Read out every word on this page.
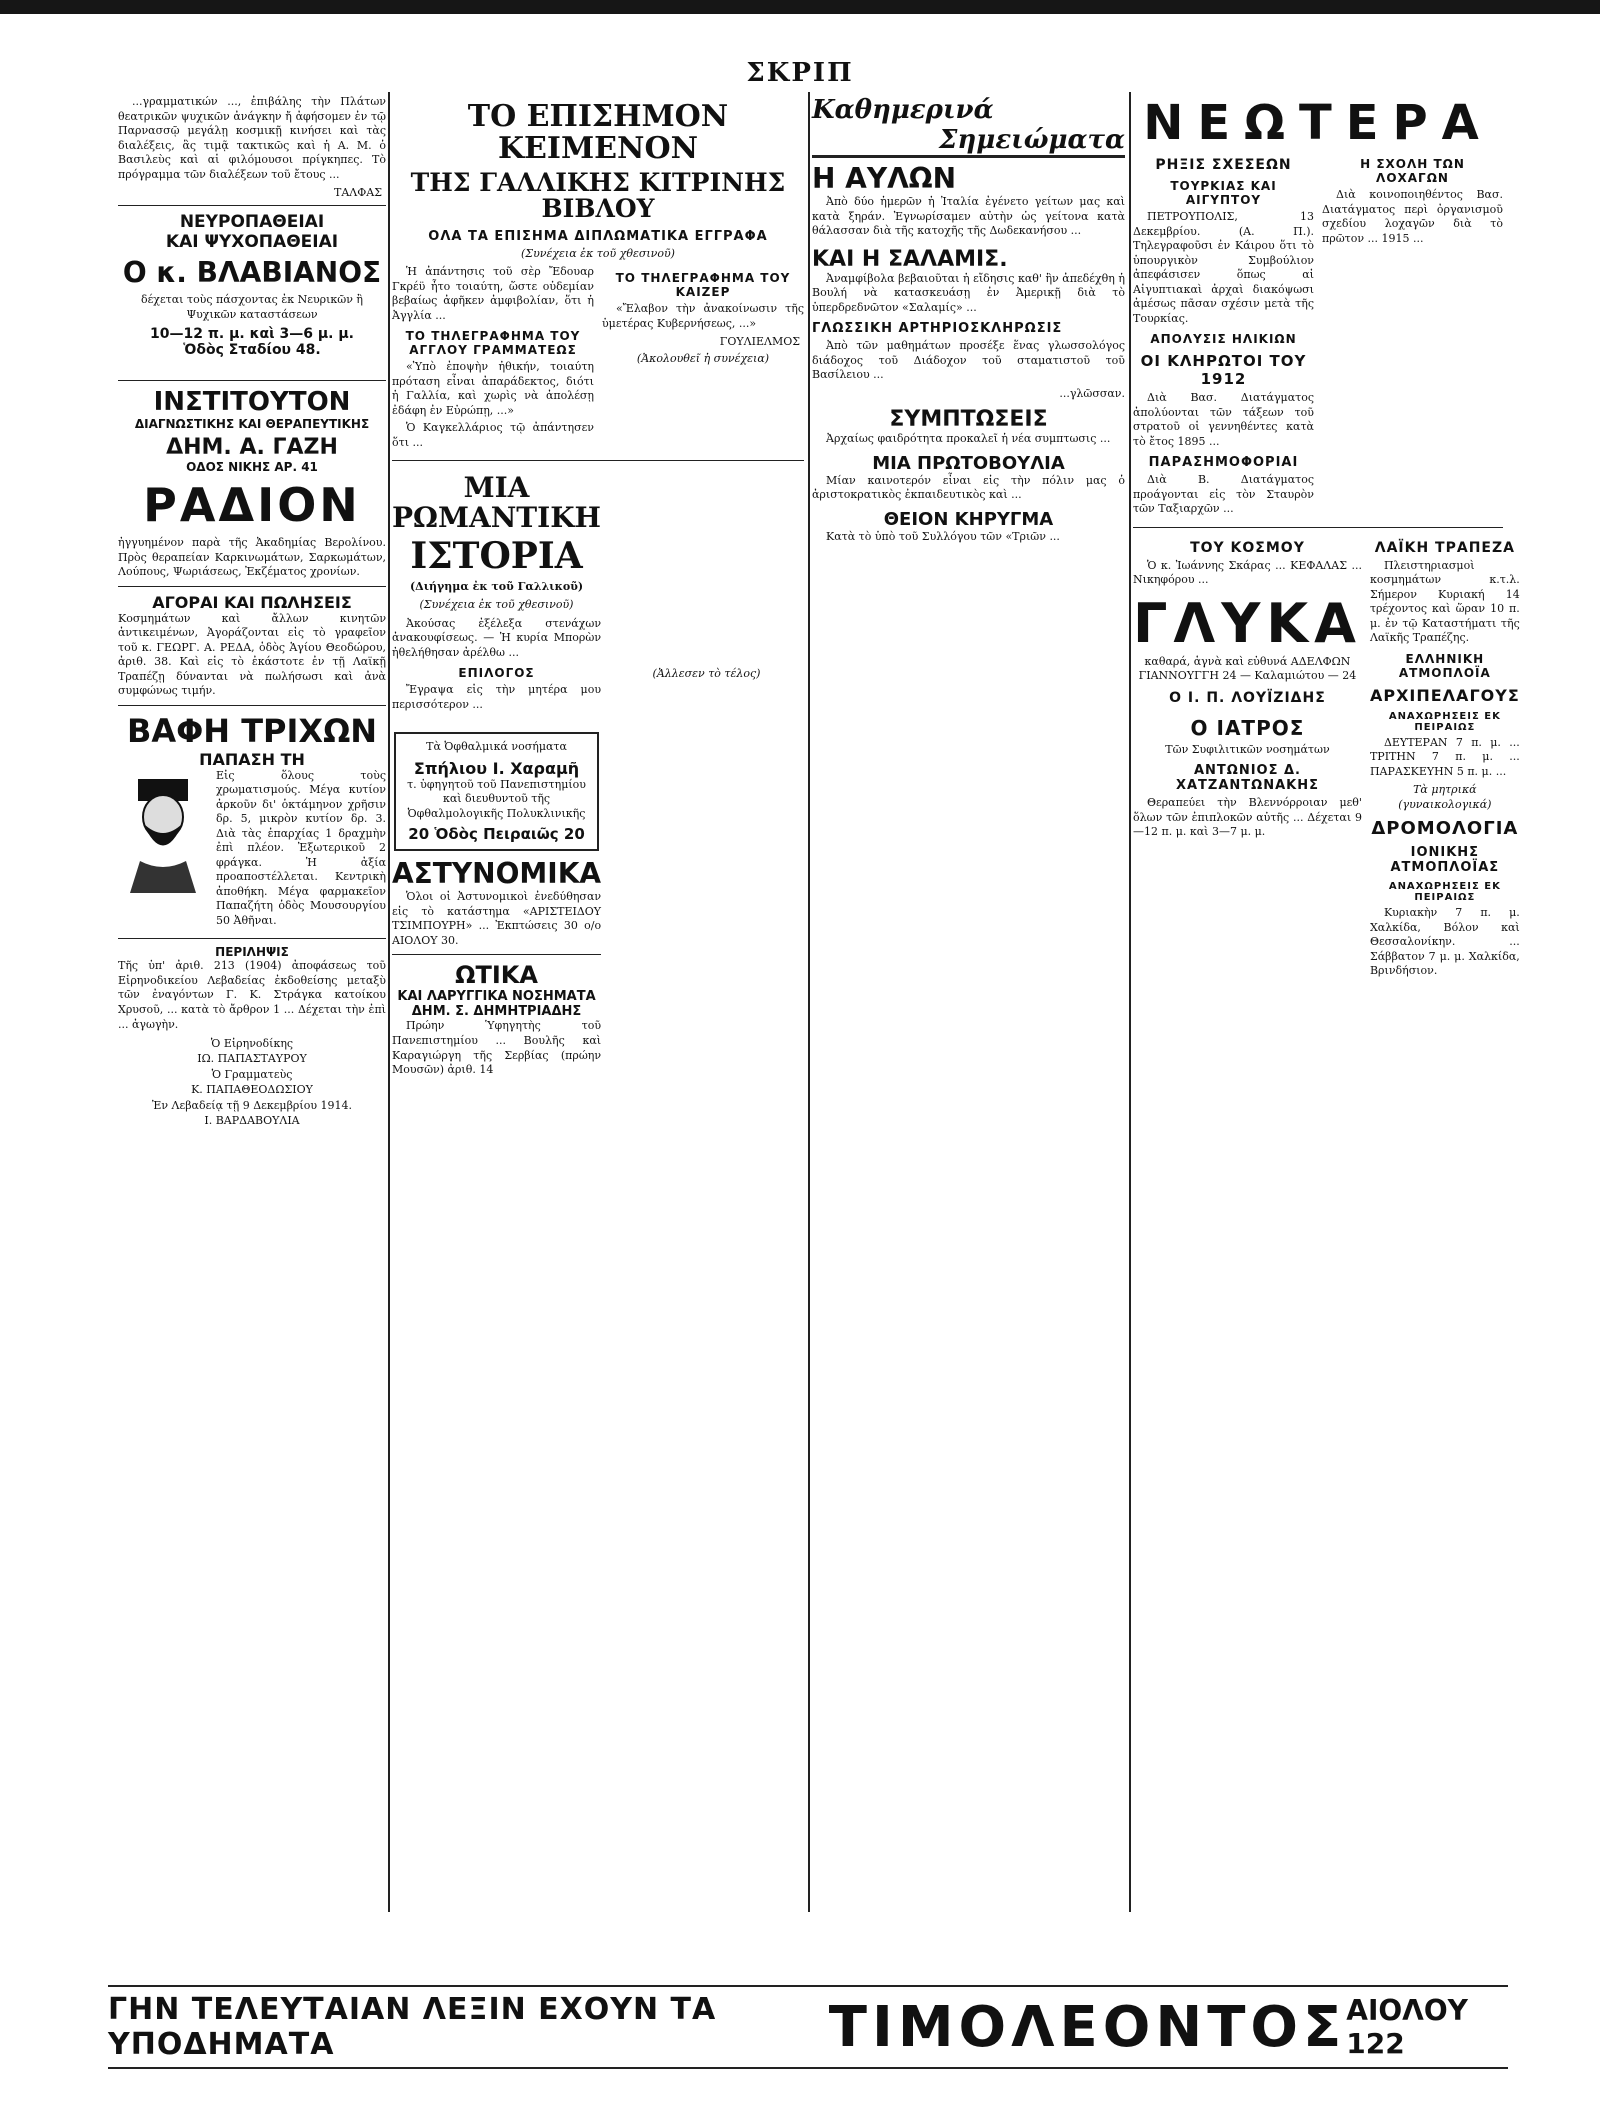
ΣΚΡΙΠ

...γραμματικών ..., ἐπιβάλης τὴν Πλάτων θεατρικῶν ψυχικῶν ἀνάγκην ἤ ἀφήσομεν ἐν τῷ Παρνασσῷ μεγάλῃ κοσμικῇ κινήσει καὶ τὰς διαλέξεις, ἃς τιμᾷ τακτικῶς καὶ ἡ Α. Μ. ὁ Βασιλεὺς καὶ αἱ φιλόμουσοι πρίγκηπες. Τὸ πρόγραμμα τῶν διαλέξεων τοῦ ἔτους ...

ΤΑΛΦΑΣ
ΝΕΥΡΟΠΑΘΕΙΑΙ
ΚΑΙ ΨΥΧΟΠΑΘΕΙΑΙ
Ο κ. ΒΛΑΒΙΑΝΟΣ
δέχεται τοὺς πάσχοντας ἐκ Νευρικῶν ἢ Ψυχικῶν καταστάσεων
10—12 π. μ. καὶ 3—6 μ. μ.
Ὁδὸς Σταδίου 48.
ΙΝΣΤΙΤΟΥΤΟΝ
ΔΙΑΓΝΩΣΤΙΚΗΣ ΚΑΙ ΘΕΡΑΠΕΥΤΙΚΗΣ
ΔΗΜ. Α. ΓΑΖΗ
ΟΔΟΣ ΝΙΚΗΣ ΑΡ. 41
ΡΑΔΙΟΝ
ἠγγυημένον παρὰ τῆς Ἀκαδημίας Βερολίνου. Πρὸς θεραπείαν Καρκινωμάτων, Σαρκωμάτων, Λούπους, Ψωριάσεως, Ἐκζέματος χρονίων.
ΑΓΟΡΑΙ ΚΑΙ ΠΩΛΗΣΕΙΣ
Κοσμημάτων καὶ ἄλλων κινητῶν ἀντικειμένων, Ἀγοράζονται εἰς τὸ γραφεῖον τοῦ κ. ΓΕΩΡΓ. Α. ΡΕΔΑ, ὁδὸς Ἁγίου Θεοδώρου, ἀριθ. 38. Καὶ εἰς τὸ ἐκάστοτε ἐν τῇ Λαϊκῇ Τραπέζῃ δύνανται νὰ πωλήσωσι καὶ ἀνὰ συμφώνως τιμήν.
ΒΑΦΗ ΤΡΙΧΩΝ
ΠΑΠΑΣΗ ΤΗ
Εἰς ὅλους τοὺς χρωματισμούς. Μέγα κυτίον ἀρκοῦν δι' ὁκτάμηνον χρῆσιν δρ. 5, μικρὸν κυτίον δρ. 3. Διὰ τὰς ἐπαρχίας 1 δραχμὴν ἐπὶ πλέον. Ἐξωτερικοῦ 2 φράγκα. Ἡ ἀξία προαποστέλλεται. Κεντρικὴ ἀποθήκη. Μέγα φαρμακεῖον Παπαζήτη ὁδὸς Μουσουργίου 50 Ἀθῆναι.
ΠΕΡΙΛΗΨΙΣ
Τῆς ὑπ' ἀριθ. 213 (1904) ἀποφάσεως τοῦ Εἰρηνοδικείου Λεβαδείας ἐκδοθείσης μεταξὺ τῶν ἐναγόντων Γ. Κ. Στράγκα κατοίκου Χρυσοῦ, ... κατὰ τὸ ἄρθρον 1 ... Δέχεται τὴν ἐπὶ ... ἀγωγὴν.
Ὁ Εἰρηνοδίκης
ΙΩ. ΠΑΠΑΣΤΑΥΡΟΥ
Ὁ Γραμματεὺς
Κ. ΠΑΠΑΘΕΟΔΩΣΙΟΥ
Ἐν Λεβαδείᾳ τῇ 9 Δεκεμβρίου 1914.
Ι. ΒΑΡΔΑΒΟΥΛΙΑ
ΤΟ ΕΠΙΣΗΜΟΝ ΚΕΙΜΕΝΟΝ
ΤΗΣ ΓΑΛΛΙΚΗΣ ΚΙΤΡΙΝΗΣ ΒΙΒΛΟΥ
ΟΛΑ ΤΑ ΕΠΙΣΗΜΑ ΔΙΠΛΩΜΑΤΙΚΑ ΕΓΓΡΑΦΑ
(Συνέχεια ἐκ τοῦ χθεσινοῦ)

Ἡ ἀπάντησις τοῦ σὲρ Ἔδουαρ Γκρέϋ ἦτο τοιαύτη, ὥστε οὐδεμίαν βεβαίως ἀφῆκεν ἀμφιβολίαν, ὅτι ἡ Ἀγγλία ...

ΤΟ ΤΗΛΕΓΡΑΦΗΜΑ ΤΟΥ ΑΓΓΛΟΥ ΓΡΑΜΜΑΤΕΩΣ

«Ὑπὸ ἐποψὴν ἠθικήν, τοιαύτη πρόταση εἶναι ἀπαράδεκτος, διότι ἡ Γαλλία, καὶ χωρὶς νὰ ἀπολέσῃ ἐδάφη ἐν Εὐρώπῃ, ...»

Ὁ Καγκελλάριος τῷ ἀπάντησεν ὅτι ...

ΤΟ ΤΗΛΕΓΡΑΦΗΜΑ ΤΟΥ ΚΑΙΖΕΡ

«Ἔλαβον τὴν ἀνακοίνωσιν τῆς ὑμετέρας Κυβερνήσεως, ...»

ΓΟΥΛΙΕΛΜΟΣ
(Ἀκολουθεῖ ἡ συνέχεια)
ΜΙΑ ΡΩΜΑΝΤΙΚΗ
ΙΣΤΟΡΙΑ
(Διήγημα ἐκ τοῦ Γαλλικοῦ)
(Συνέχεια ἐκ τοῦ χθεσινοῦ)

Ἀκούσας ἐξέλεξα στενάχων ἀνακουφίσεως. — Ἡ κυρία Μπορὼν ἠθελήθησαν ἀρέλθω ...

ΕΠΙΛΟΓΟΣ

Ἔγραψα εἰς τὴν μητέρα μου περισσότερον ...

(Ἀλλεσεν τὸ τέλος)
Τὰ Ὀφθαλμικά νοσήματα
Σπήλιου Ι. Χαραμῆ
τ. ὑφηγητοῦ τοῦ Πανεπιστημίου καὶ διευθυντοῦ τῆς Ὀφθαλμολογικῆς Πολυκλινικῆς
20 Ὁδὸς Πειραιῶς 20
ΑΣΤΥΝΟΜΙΚΑ

Ὁλοι οἱ Ἀστυνομικοὶ ἐνεδύθησαν εἰς τὸ κατάστημα «ΑΡΙΣΤΕΙΔΟΥ ΤΣΙΜΠΟΥΡΗ» ... Ἐκπτώσεις 30 ο/ο ΑΙΟΛΟΥ 30.

ΩΤΙΚΑ
ΚΑΙ ΛΑΡΥΓΓΙΚΑ ΝΟΣΗΜΑΤΑ
ΔΗΜ. Σ. ΔΗΜΗΤΡΙΑΔΗΣ

Πρώην Ὑφηγητὴς τοῦ Πανεπιστημίου ... Βουλῆς καὶ Καραγιώργη τῆς Σερβίας (πρώην Μουσῶν) ἀριθ. 14

Καθημερινά
Σημειώματα
Η ΑΥΛΩΝ

Ἀπὸ δύο ἡμερῶν ἡ Ἰταλία ἐγένετο γείτων μας καὶ κατὰ ξηράν. Ἐγνωρίσαμεν αὐτὴν ὡς γείτονα κατὰ θάλασσαν διὰ τῆς κατοχῆς τῆς Δωδεκανήσου ...

ΚΑΙ Η ΣΑΛΑΜΙΣ.

Ἀναμφίβολα βεβαιοῦται ἡ εἴδησις καθ' ἣν ἀπεδέχθη ἡ Βουλή νὰ κατασκευάσῃ ἐν Ἀμερικῇ διὰ τὸ ὑπερδρεδνῶτον «Σαλαμίς» ...

ΓΛΩΣΣΙΚΗ ΑΡΤΗΡΙΟΣΚΛΗΡΩΣΙΣ

Ἀπὸ τῶν μαθημάτων προσέξε ἕνας γλωσσολόγος διάδοχος τοῦ Διάδοχον τοῦ σταματιστοῦ τοῦ Βασίλειου ...

...γλῶσσαν.
ΣΥΜΠΤΩΣΕΙΣ

Ἀρχαίως φαιδρότητα προκαλεῖ ἡ νέα συμπτωσις ...

ΜΙΑ ΠΡΩΤΟΒΟΥΛΙΑ

Μίαν καινοτερόν εἶναι εἰς τὴν πόλιν μας ὁ ἀριστοκρατικὸς ἐκπαιδευτικὸς καὶ ...

ΘΕΙΟΝ ΚΗΡΥΓΜΑ

Κατὰ τὸ ὑπὸ τοῦ Συλλόγου τῶν «Τριῶν ...

ΝΕΩΤΕΡΑ
ΡΗΞΙΣ ΣΧΕΣΕΩΝ
ΤΟΥΡΚΙΑΣ ΚΑΙ ΑΙΓΥΠΤΟΥ

ΠΕΤΡΟΥΠΟΛΙΣ, 13 Δεκεμβρίου. (Α. Π.). Τηλεγραφοῦσι ἐν Κάιρου ὅτι τὸ ὑπουργικὸν Συμβούλιον ἀπεφάσισεν ὅπως αἱ Αἰγυπτιακαὶ ἀρχαὶ διακόψωσι ἀμέσως πᾶσαν σχέσιν μετὰ τῆς Τουρκίας.

ΑΠΟΛΥΣΙΣ ΗΛΙΚΙΩΝ
ΟΙ ΚΛΗΡΩΤΟΙ ΤΟΥ 1912

Διὰ Βασ. Διατάγματος ἀπολύονται τῶν τάξεων τοῦ στρατοῦ οἱ γεννηθέντες κατὰ τὸ ἔτος 1895 ...

ΠΑΡΑΣΗΜΟΦΟΡΙΑΙ

Διὰ Β. Διατάγματος προάγονται εἰς τὸν Σταυρὸν τῶν Ταξιαρχῶν ...

Η ΣΧΟΛΗ ΤΩΝ ΛΟΧΑΓΩΝ

Διὰ κοινοποιηθέντος Βασ. Διατάγματος περὶ ὀργανισμοῦ σχεδίου λοχαγῶν διὰ τὸ πρῶτον ... 1915 ...

ΤΟΥ ΚΟΣΜΟΥ

Ὁ κ. Ἰωάννης Σκάρας ... ΚΕΦΑΛΑΣ ... Νικηφόρου ...

ΓΛΥΚΑ
καθαρά, ἁγνὰ καὶ εὐθυνά ΑΔΕΛΦΩΝ ΓΙΑΝΝΟΥΓΓΗ 24 — Καλαμιώτου — 24
Ο Ι. Π. ΛΟΥΪΖΙΔΗΣ
Ο ΙΑΤΡΟΣ
Τῶν Συφιλιτικῶν νοσημάτων
ΑΝΤΩΝΙΟΣ Δ. ΧΑΤΖΑΝΤΩΝΑΚΗΣ

Θεραπεύει τὴν Βλεννόρροιαν μεθ' ὅλων τῶν ἐπιπλοκῶν αὐτῆς ... Δέχεται 9—12 π. μ. καὶ 3—7 μ. μ.

ΛΑΪΚΗ ΤΡΑΠΕΖΑ

Πλειστηριασμοὶ κοσμημάτων κ.τ.λ. Σήμερον Κυριακή 14 τρέχοντος καὶ ὥραν 10 π. μ. ἐν τῷ Καταστήματι τῆς Λαϊκῆς Τραπέζης.

ΕΛΛΗΝΙΚΗ ΑΤΜΟΠΛΟΪΑ
ΑΡΧΙΠΕΛΑΓΟΥΣ
ΑΝΑΧΩΡΗΣΕΙΣ ΕΚ ΠΕΙΡΑΙΩΣ

ΔΕΥΤΕΡΑΝ 7 π. μ. ... ΤΡΙΤΗΝ 7 π. μ. ... ΠΑΡΑΣΚΕΥΗΝ 5 π. μ. ...

Τὰ μητρικά (γυναικολογικά)
ΔΡΟΜΟΛΟΓΙΑ
ΙΟΝΙΚΗΣ ΑΤΜΟΠΛΟΪΑΣ
ΑΝΑΧΩΡΗΣΕΙΣ ΕΚ ΠΕΙΡΑΙΩΣ

Κυριακὴν 7 π. μ. Χαλκίδα, Βόλον καὶ Θεσσαλονίκην. ... Σάββατον 7 μ. μ. Χαλκίδα, Βρινδήσιον.

ΓΗΝ ΤΕΛΕΥΤΑΙΑΝ ΛΕΞΙΝ ΕΧΟΥΝ ΤΑ ΥΠΟΔΗΜΑΤΑ	ΤΙΜΟΛΕΟΝΤΟΣ ΑΙΟΛΟΥ 122
